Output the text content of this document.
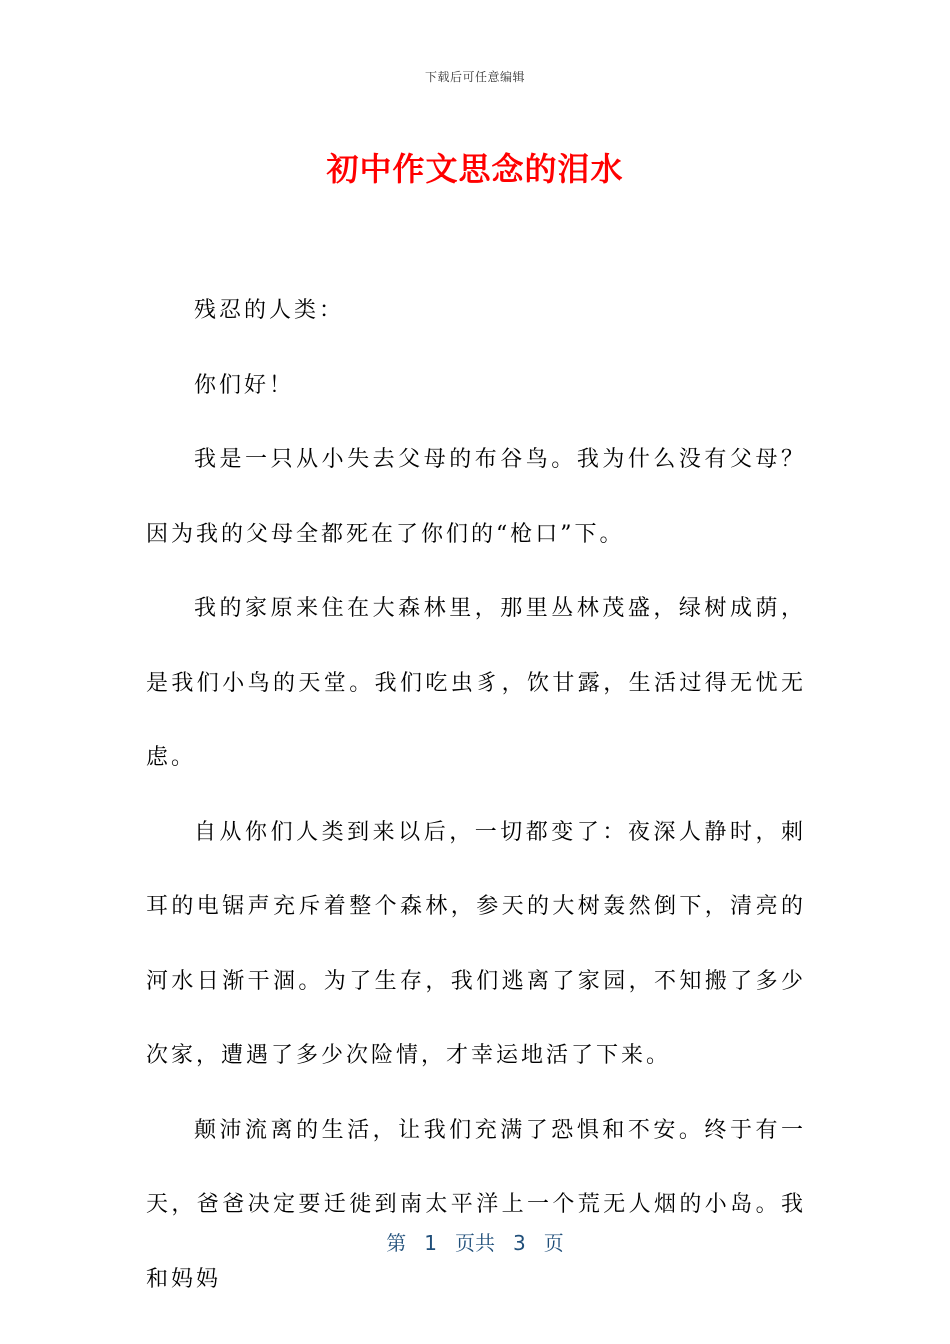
下载后可任意编辑
初中作文思念的泪水

残忍的人类：

你们好！

我是一只从小失去父母的布谷鸟。我为什么没有父母？因为我的父母全都死在了你们的“枪口”下。

我的家原来住在大森林里，那里丛林茂盛，绿树成荫，是我们小鸟的天堂。我们吃虫豸，饮甘露，生活过得无忧无虑。

自从你们人类到来以后，一切都变了：夜深人静时，刺耳的电锯声充斥着整个森林，参天的大树轰然倒下，清亮的河水日渐干涸。为了生存，我们逃离了家园，不知搬了多少次家，遭遇了多少次险情，才幸运地活了下来。

颠沛流离的生活，让我们充满了恐惧和不安。终于有一天，爸爸决定要迁徙到南太平洋上一个荒无人烟的小岛。我和妈妈

第 1 页共 3 页
